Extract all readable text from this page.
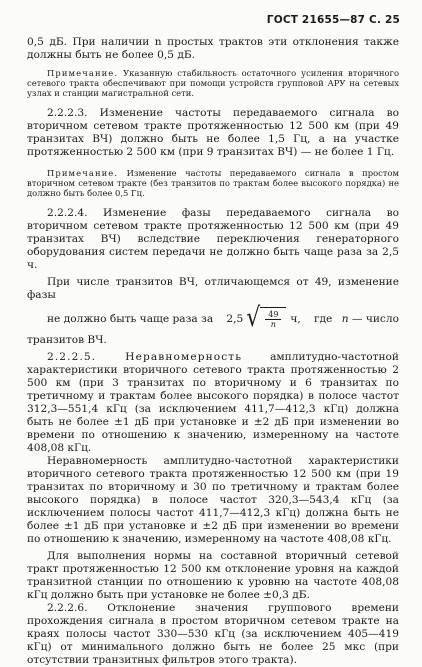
ГОСТ 21655—87 С. 25

0,5 дБ. При наличии n простых трактов эти отклонения также должны быть не более 0,5 дБ.

Примечание. Указанную стабильность остаточного усиления вторичного сетевого тракта обеспечивают при помощи устройств групповой АРУ на сетевых узлах и станции магистральной сети.

2.2.2.3. Изменение частоты передаваемого сигнала во вторичном сетевом тракте протяженностью 12 500 км (при 49 транзитах ВЧ) должно быть не более 1,5 Гц, а на участке протяженностью 2 500 км (при 9 транзитах ВЧ) — не более 1 Гц.

Примечание. Изменение частоты передаваемого сигнала в простом вторичном сетевом тракте (без транзитов по трактам более высокого порядка) не должно быть более 0,5 Гц.

2.2.2.4. Изменение фазы передаваемого сигнала во вторичном сетевом тракте протяженностью 12 500 км (при 49 транзитах ВЧ) вследствие переключения генераторного оборудования систем передачи не должно быть чаще раза за 2,5 ч.

При числе транзитов ВЧ, отличающемся от 49, изменение фазы

не должно быть чаще раза за 2,5 √ $\frac{49}{n} ч$, где n — число

транзитов ВЧ.

2.2.2.5. Неравномерность	амплитудно-частотной характеристики вторичного сетевого тракта протяженностью 2 500 км (при 3 транзитах по вторичному и 6 транзитах по третичному и трактам более высокого порядка) в полосе частот 312,3—551,4 кГц (за исключением 411,7—412,3 кГц) должна быть не более ±1 дБ при установке и ±2 дБ при изменении во времени по отношению к значению, измеренному на частоте 408,08 кГц.

Неравномерность амплитудно-частотной характеристики вторичного сетевого тракта протяженностью 12 500 км (при 19 транзитах по вторичному и 30 по третичному и трактам более высокого порядка) в полосе частот 320,3—543,4 кГц (за исключением полосы частот 411,7—412,3 кГц) должна быть не более ±1 дБ при установке и ±2 дБ при изменении во времени по отношению к значению, измеренному на частоте 408,08 кГц.

Для выполнения нормы на составной вторичный сетевой тракт протяженностью 12 500 км отклонение уровня на каждой транзитной станции по отношению к уровню на частоте 408,08 кГц должно быть при установке не более ±0,3 дБ.

2.2.2.6. Отклонение значения группового времени прохождения сигнала в простом вторичном сетевом тракте на краях полосы частот 330—530 кГц (за исключением 405—419 кГц) от минимального должно быть не более 25 мкс (при отсутствии транзитных фильтров этого тракта).
